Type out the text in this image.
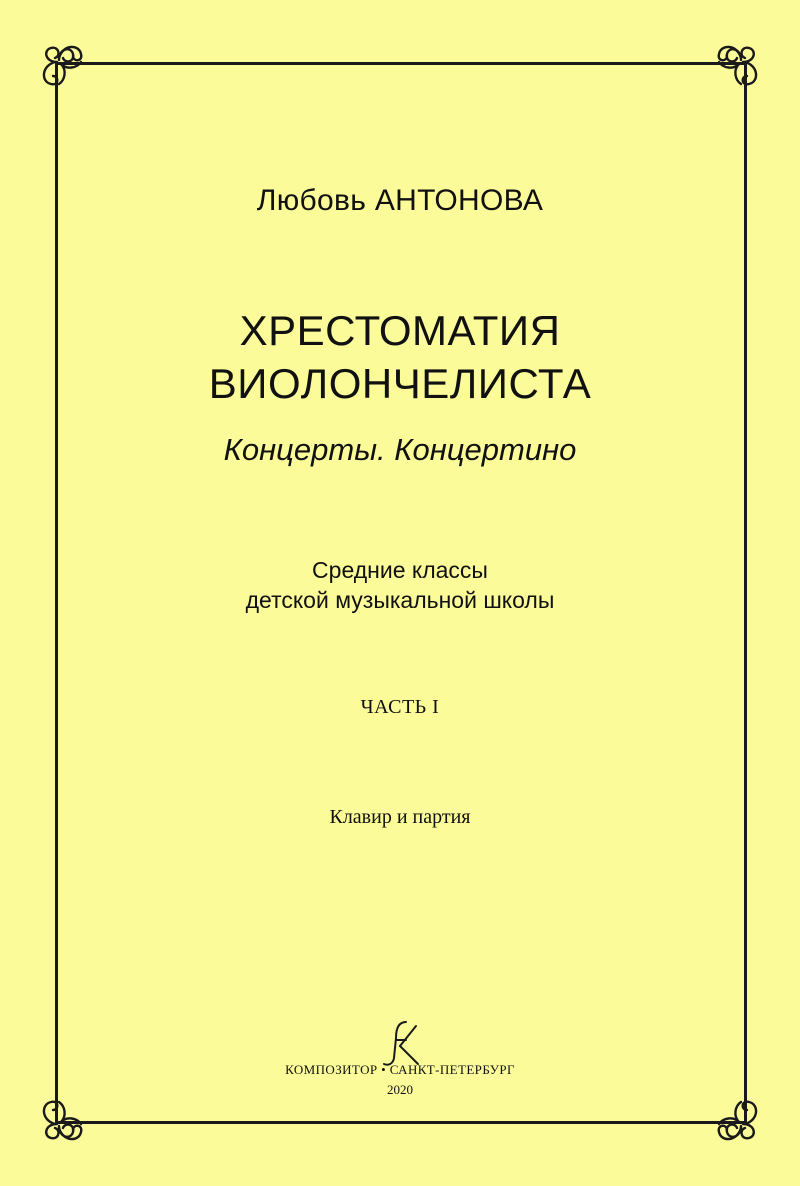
Любовь АНТОНОВА
ХРЕСТОМАТИЯ
ВИОЛОНЧЕЛИСТА
Концерты. Концертино
Средние классы
детской музыкальной школы
ЧАСТЬ I
Клавир и партия
КОМПОЗИТОР • САНКТ-ПЕТЕРБУРГ
2020
